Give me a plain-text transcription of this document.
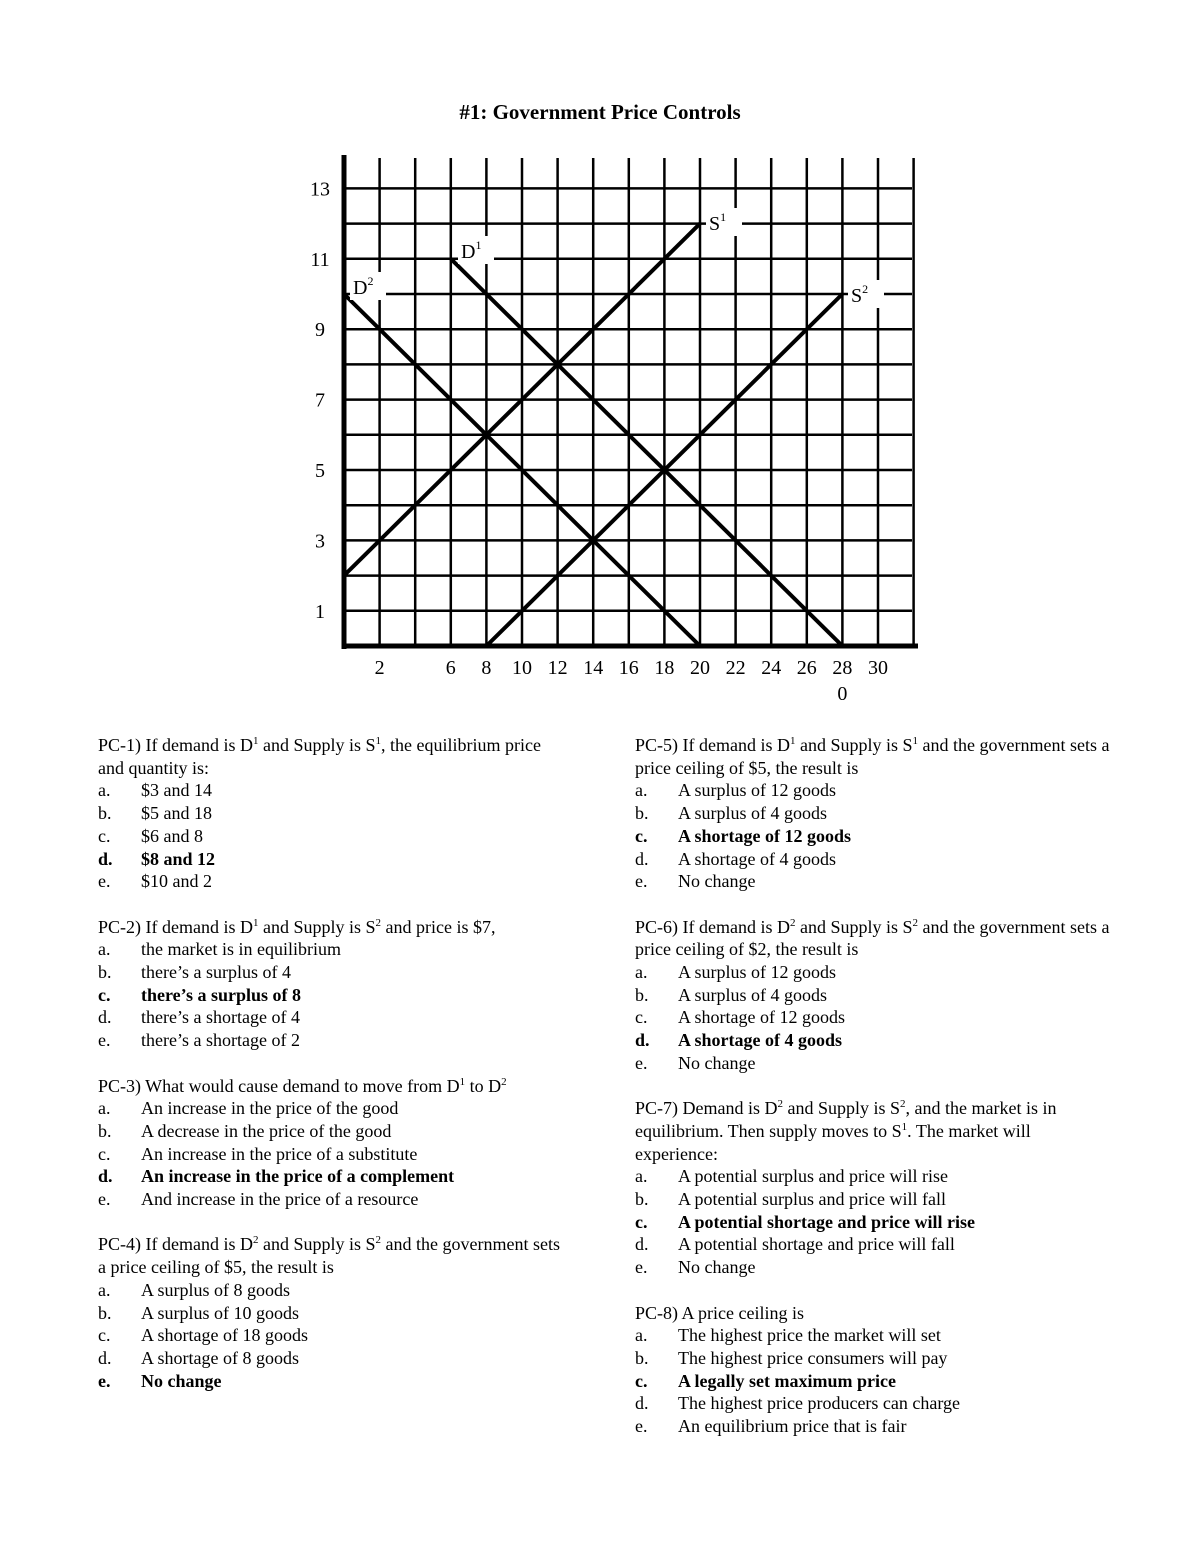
#1: Government Price Controls
1
3
5
7
9
11
13
2	6 8 10 12 14 16 18 20 22 24 26 28 30
0
$D^1$
$D^2$
$S^1$
$S^2$
PC-1) If demand is $D^1$ and Supply is $S^1$, the equilibrium price and quantity is:
a.	$3 and 14
b.	$5 and 18
c.	$6 and 8
d.	$8 and 12
e.	$10 and 2
PC-2) If demand is $D^1$ and Supply is $S^2$ and price is $7,
a.	the market is in equilibrium
b.	there’s a surplus of 4
c.	there’s a surplus of 8
d.	there’s a shortage of 4
e.	there’s a shortage of 2
PC-3) What would cause demand to move from $D^1$ to $D^2$
a.	An increase in the price of the good
b.	A decrease in the price of the good
c.	An increase in the price of a substitute
d.	An increase in the price of a complement
e.	And increase in the price of a resource
PC-4) If demand is $D^2$ and Supply is $S^2$ and the government sets a price ceiling of $5, the result is
a.	A surplus of 8 goods
b.	A surplus of 10 goods
c.	A shortage of 18 goods
d.	A shortage of 8 goods
e.	No change
PC-5) If demand is $D^1$ and Supply is $S^1$ and the government sets a price ceiling of $5, the result is
a.	A surplus of 12 goods
b.	A surplus of 4 goods
c.	A shortage of 12 goods
d.	A shortage of 4 goods
e.	No change
PC-6) If demand is $D^2$ and Supply is $S^2$ and the government sets a price ceiling of $2, the result is
a.	A surplus of 12 goods
b.	A surplus of 4 goods
c.	A shortage of 12 goods
d.	A shortage of 4 goods
e.	No change
PC-7) Demand is $D^2$ and Supply is $S^2$, and the market is in equilibrium. Then supply moves to $S^1$. The market will experience:
a.	A potential surplus and price will rise
b.	A potential surplus and price will fall
c.	A potential shortage and price will rise
d.	A potential shortage and price will fall
e.	No change
PC-8) A price ceiling is
a.	The highest price the market will set
b.	The highest price consumers will pay
c.	A legally set maximum price
d.	The highest price producers can charge
e.	An equilibrium price that is fair
